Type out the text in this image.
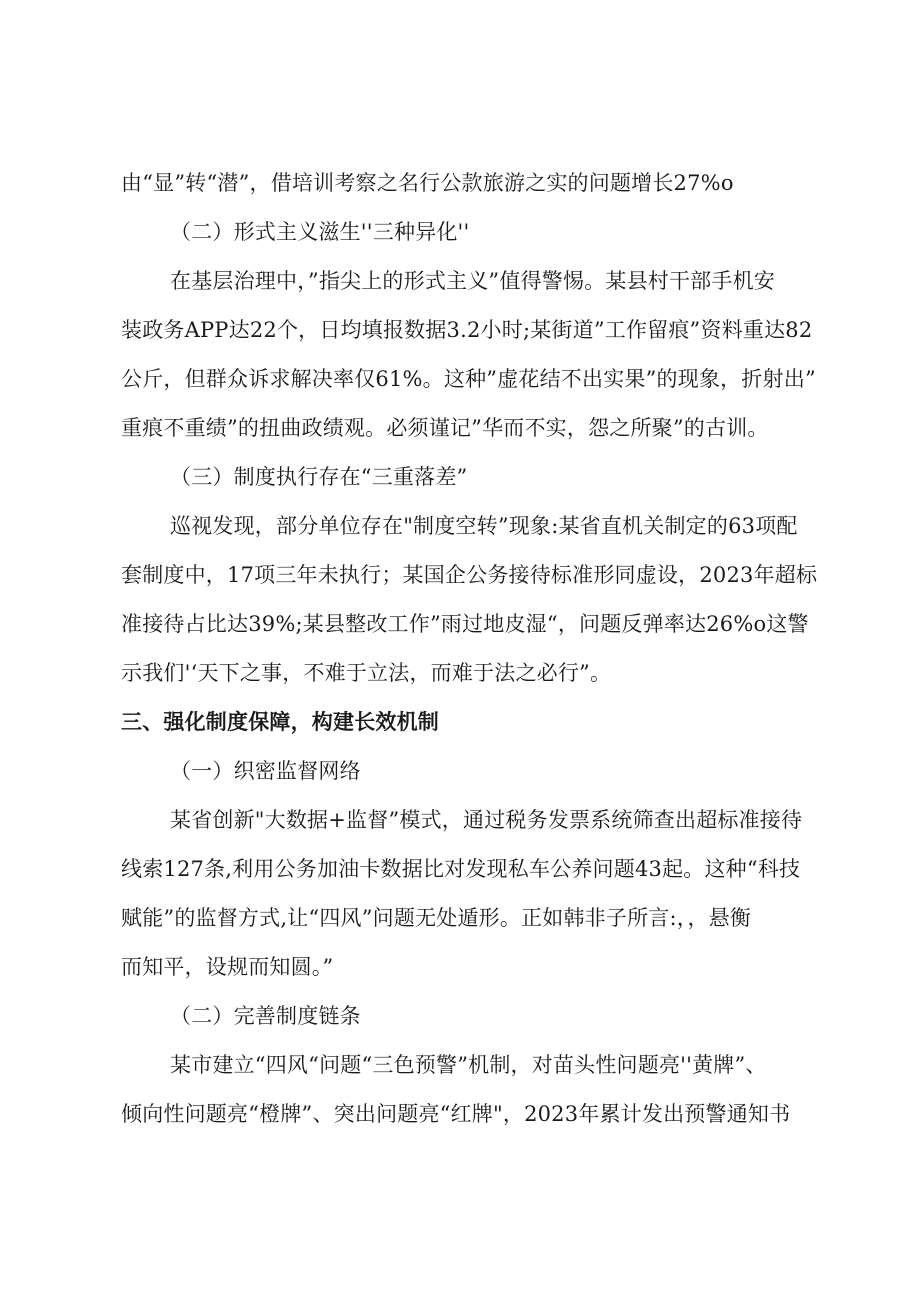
由“显”转“潜”，借培训考察之名行公款旅游之实的问题增长27%o
（二）形式主义滋生''三种异化''
在基层治理中，”指尖上的形式主义”值得警惕。某县村干部手机安
装政务APP达22个，日均填报数据3.2小时;某街道”工作留痕”资料重达82
公斤，但群众诉求解决率仅61%。这种”虚花结不出实果”的现象，折射出”
重痕不重绩”的扭曲政绩观。必须谨记”华而不实，怨之所聚”的古训。
（三）制度执行存在“三重落差”
巡视发现，部分单位存在"制度空转”现象:某省直机关制定的63项配
套制度中，17项三年未执行；某国企公务接待标准形同虚设，2023年超标
准接待占比达39%;某县整改工作”雨过地皮湿“，问题反弹率达26%o这警
示我们'‘天下之事，不难于立法，而难于法之必行”。
三、强化制度保障，构建长效机制
（一）织密监督网络
某省创新"大数据+监督”模式，通过税务发票系统筛查出超标准接待
线索127条,利用公务加油卡数据比对发现私车公养问题43起。这种“科技
赋能”的监督方式,让“四风”问题无处遁形。正如韩非子所言:，，悬衡
而知平，设规而知圆。”
（二）完善制度链条
某市建立“四风“问题“三色预警”机制，对苗头性问题亮''黄牌”、
倾向性问题亮“橙牌”、突出问题亮“红牌"，2023年累计发出预警通知书
